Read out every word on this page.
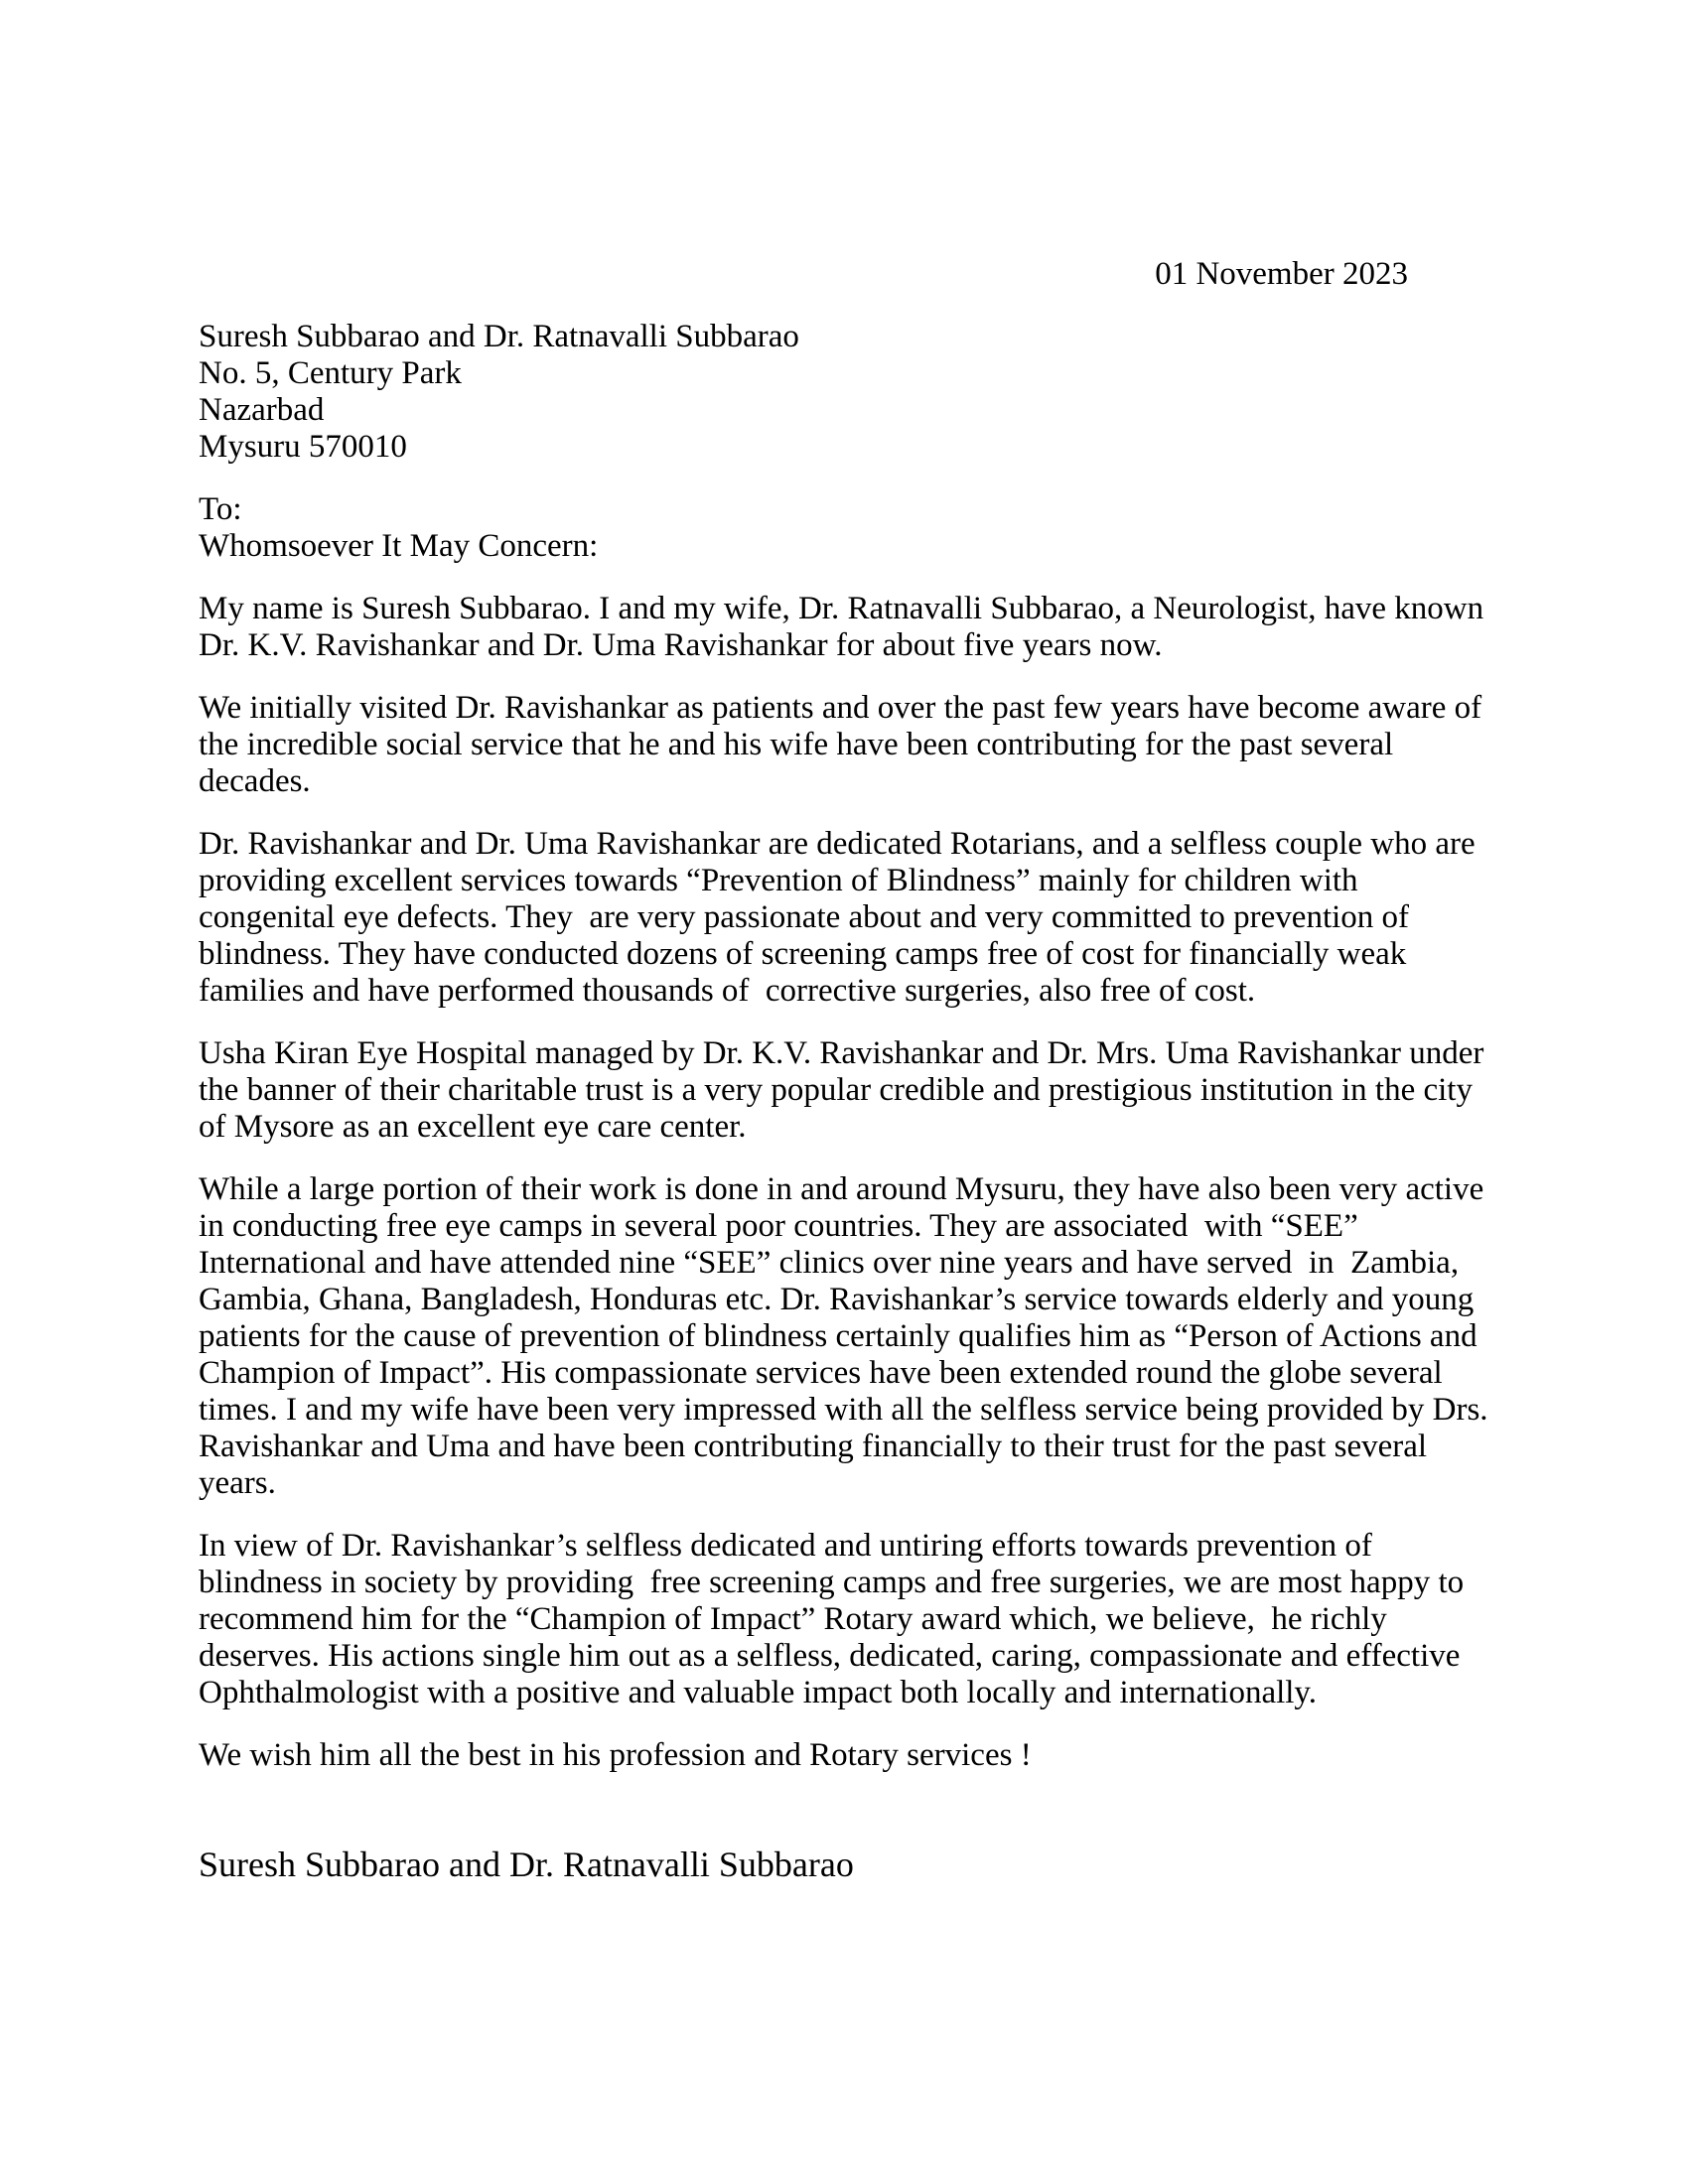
01 November 2023
Suresh Subbarao and Dr. Ratnavalli Subbarao
No. 5, Century Park
Nazarbad
Mysuru 570010
To:
Whomsoever It May Concern:

My name is Suresh Subbarao. I and my wife, Dr. Ratnavalli Subbarao, a Neurologist, have known Dr. K.V. Ravishankar and Dr. Uma Ravishankar for about five years now.

We initially visited Dr. Ravishankar as patients and over the past few years have become aware of the incredible social service that he and his wife have been contributing for the past several decades.

Dr. Ravishankar and Dr. Uma Ravishankar are dedicated Rotarians, and a selfless couple who are providing excellent services towards “Prevention of Blindness” mainly for children with congenital eye defects. They  are very passionate about and very committed to prevention of blindness. They have conducted dozens of screening camps free of cost for financially weak families and have performed thousands of  corrective surgeries, also free of cost.

Usha Kiran Eye Hospital managed by Dr. K.V. Ravishankar and Dr. Mrs. Uma Ravishankar under the banner of their charitable trust is a very popular credible and prestigious institution in the city of Mysore as an excellent eye care center.

While a large portion of their work is done in and around Mysuru, they have also been very active in conducting free eye camps in several poor countries. They are associated  with “SEE” International and have attended nine “SEE” clinics over nine years and have served  in  Zambia, Gambia, Ghana, Bangladesh, Honduras etc. Dr. Ravishankar’s service towards elderly and young patients for the cause of prevention of blindness certainly qualifies him as “Person of Actions and Champion of Impact”. His compassionate services have been extended round the globe several times. I and my wife have been very impressed with all the selfless service being provided by Drs. Ravishankar and Uma and have been contributing financially to their trust for the past several years.

In view of Dr. Ravishankar’s selfless dedicated and untiring efforts towards prevention of blindness in society by providing  free screening camps and free surgeries, we are most happy to recommend him for the “Champion of Impact” Rotary award which, we believe,  he richly deserves. His actions single him out as a selfless, dedicated, caring, compassionate and effective Ophthalmologist with a positive and valuable impact both locally and internationally.

We wish him all the best in his profession and Rotary services !

Suresh Subbarao and Dr. Ratnavalli Subbarao
